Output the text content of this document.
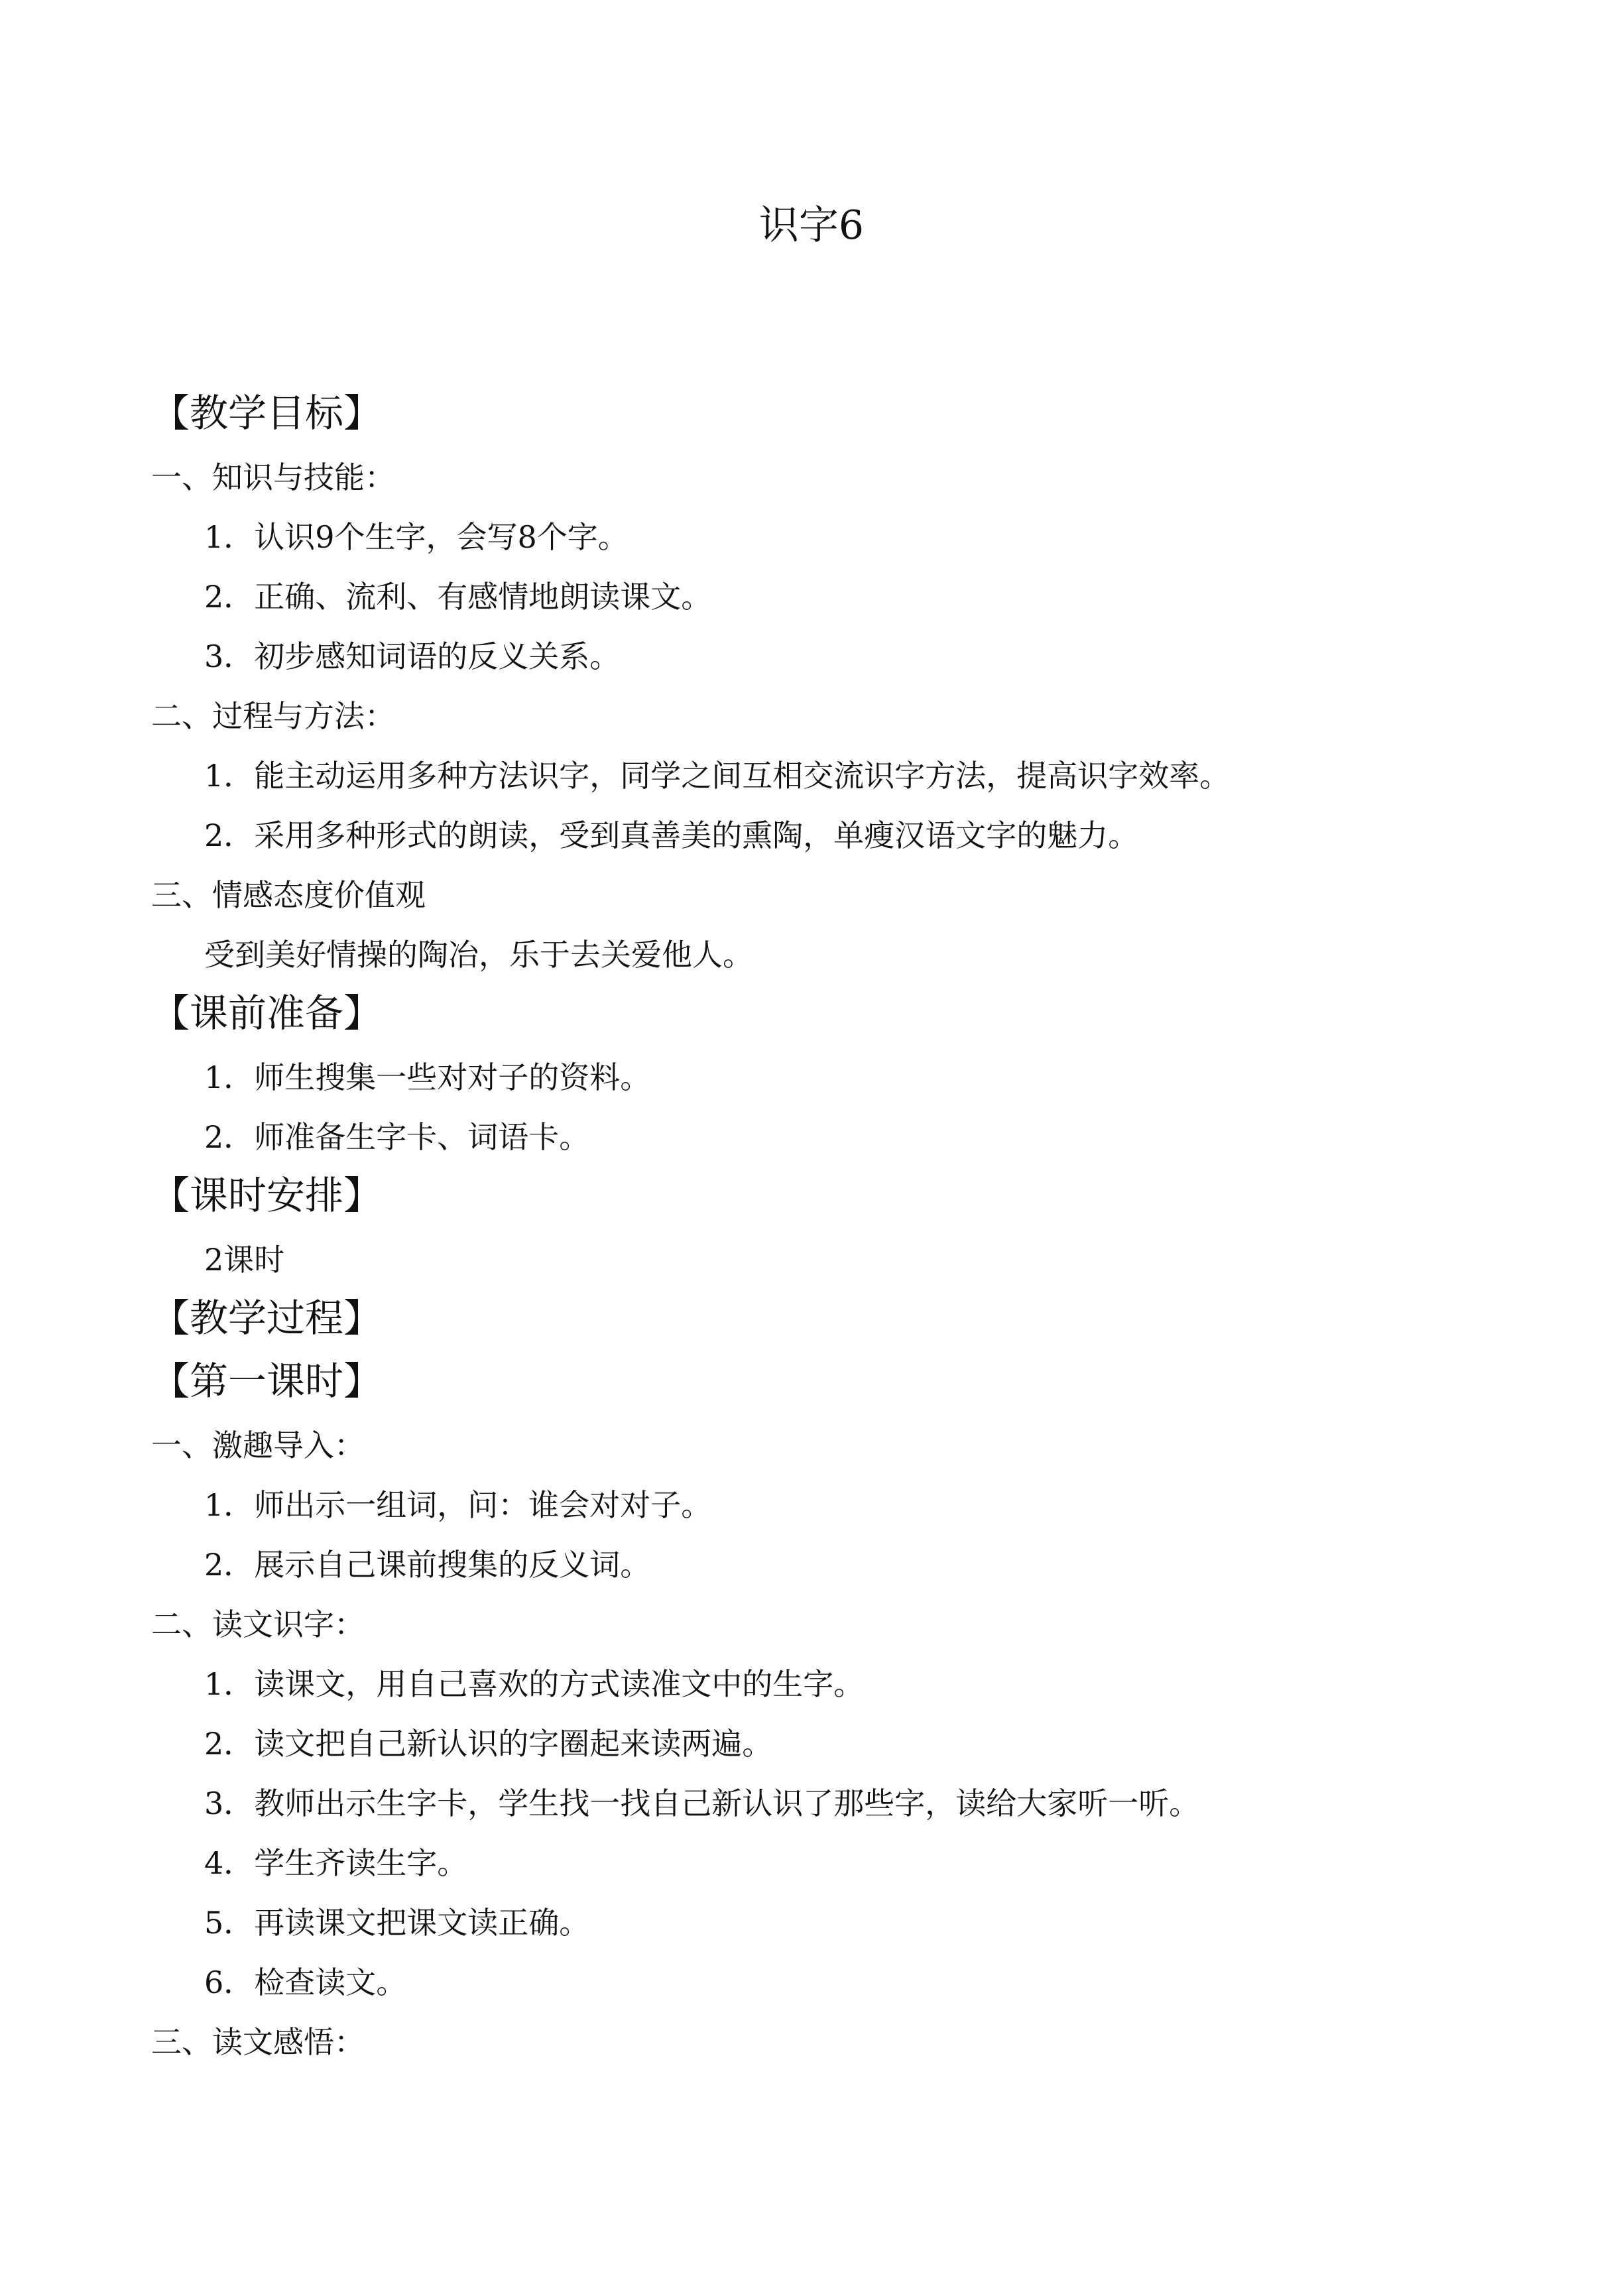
识字6
【教学目标】
一、知识与技能：
1．认识9个生字，会写8个字。
2．正确、流利、有感情地朗读课文。
3．初步感知词语的反义关系。
二、过程与方法：
1．能主动运用多种方法识字，同学之间互相交流识字方法，提高识字效率。
2．采用多种形式的朗读，受到真善美的熏陶，单瘦汉语文字的魅力。
三、情感态度价值观
受到美好情操的陶冶，乐于去关爱他人。
【课前准备】
1．师生搜集一些对对子的资料。
2．师准备生字卡、词语卡。
【课时安排】
2课时
【教学过程】
【第一课时】
一、激趣导入：
1．师出示一组词，问：谁会对对子。
2．展示自己课前搜集的反义词。
二、读文识字：
1．读课文，用自己喜欢的方式读准文中的生字。
2．读文把自己新认识的字圈起来读两遍。
3．教师出示生字卡，学生找一找自己新认识了那些字，读给大家听一听。
4．学生齐读生字。
5．再读课文把课文读正确。
6．检查读文。
三、读文感悟：
